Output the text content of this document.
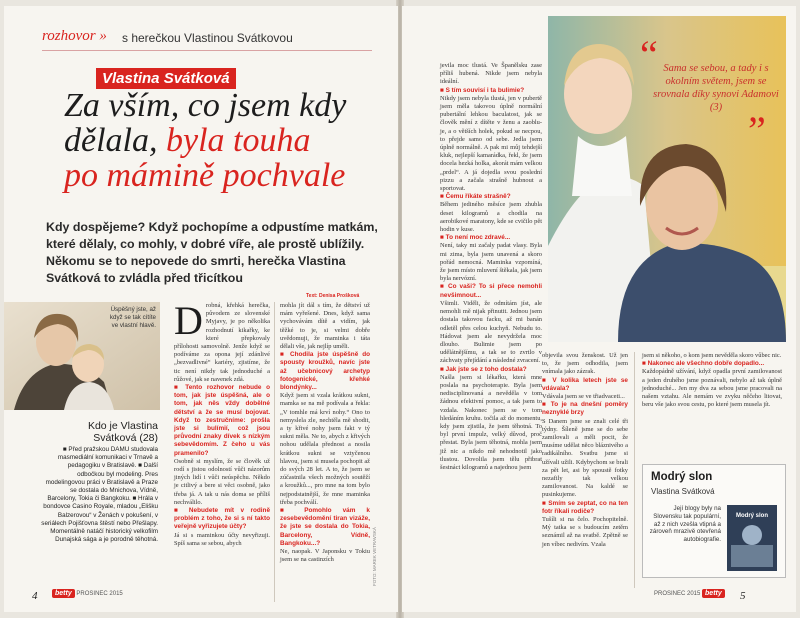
rozhovor » s herečkou Vlastinou Svátkovou
Vlastina Svátková
Za vším, co jsem kdy
dělala, byla touha
po mámině pochvale
Kdy dospějeme? Když pochopíme a odpustíme matkám, které dělaly, co mohly, v dobré víře, ale prostě ublížily. Někomu se to nepovede do smrti, herečka Vlastina Svátková to zvládla před třicítkou
Text: Denisa Prošková
Úspěšný jste, až když se tak cítíte ve vlastní hlavě.
Kdo je Vlastina
Svátková (28)
■ Před pražskou DAMU studovala masmediální komunikaci v Trnavě a pedagogiku v Bratislavě. ■ Další odbočkou byl modeling. Pres modelingovou práci v Bratislavě a Praze se dostala do Mnichova, Vídně, Barcelony, Tokia či Bangkoku. ■ Hrála v bondovce Casino Royale, mladou „Elišku Balzerovou“ v Ženách v pokušení, v seriálech Pojišťovna štěstí nebo Přešlapy. Momentálně natáčí historický velkofilm Dunajská sága a je porodně těhotná.
D robná, křehká herečka, původem ze slovenské Myjavy, je po několika rozhodnutí kikařky, ke které přepkovaly přílohosti samovolně. Jenže když se podíváme za opona její zdánlivé „bezvadlivné“ kariéry, zjistíme, že tic není nikdy tak jednoduché a růžové, jak se navenek zdá.
■ Tento rozhovor nebude o tom, jak jste úspěšná, ale o tom, jak něs vždy dobělné dětství a že se musí bojovat. Když to zestručníme: prošla jste si bulímií, což jsou průvodní znaky dívek s nízkým sebevědomím. Z čeho u vás pramenilo?
Osobně si myslím, že se člověk už rodí s jistou odolností vůči názorům jiných lidí i vůči neúspěchu. Někdo je citlivý a bere si věci osobně, jako třeba já. A tak u nás doma se příliš nechválilo.
■ Nebudete mít v rodině problém z toho, že si s ní takto veřejně vyřizujete účty?
Já si s maminkou účty nevyřizuji. Spíš sama se sebou, abych
mohla jít dál s tím, že dětství už mám vyřešené. Dnes, když sama vychovávám dítě a vidím, jak těžké to je, si velmi dobře uvědomuji, že maminka i táta dělali vše, jak nejlíp uměli.
■ Chodila jste úspěšně do spousty kroužků, navíc jste až učebnicový archetyp fotogenické, křehké blondýnky...
Když jsem si vzala krátkou sukni, mamka se na mě podívala a řekla: „V tomhle má krví nohy.“ Ono to nemyslela zle, nechtěla mě shodit, a ty křivé nohy jsem fakt v tý sukni měla. Ne to, abych z křivých nohou udělala přednost a nosila krátkou sukni se vztyčenou hlavou, jsem si musela pochopit až do svých 28 let. A to, že jsem se zúčastnila všech možných soutěží a kroužků..., pro mne na tom bylo nejpodstatnější, že mne maminka třeba pochválí.
■ Pomohlo vám k zesebevědomění tiran vizáže, že jste se dostala do Tokia, Barcelony, Vídně, Bangkoku...?
Ne, naopak. V Japonsku v Tokiu jsem se na castinzích	FOTO: MAREK VETRAVSKÁ
4	betty PROSINEC 2015
jevila moc tlustá. Ve Španělsku zase příliš hubená. Nikde jsem nebyla ideální.
■ S tím souvisí i ta bulimie?
Nikdy jsem nebyla tlustá, jen v pubertě jsem měla takovou úplně normální pubertální lehkou baculatost, jak se člověk mění z dítěte v ženu a zaoblu- je, a o větších holek, pokud se necpou, to přejde samo od sebe. Jedla jsem úplně normálně. A pak mi můj tehdejší kluk, nejlepší kamarádka, řekl, že jsem docela hezká holka, akorát mám velkou „prdel“. A já dojedla svou poslední pizzu a začala strašně hubnout a sportovat.
■ Čemu říkáte strašně?
Během jediného měsíce jsem zhubla deset kilogramů a chodila na aerobikové maratony, kde se cvičilo pět hodin v kuse.
■ To není moc zdravé...
Není, taky mi začaly padat vlasy. Byla mi zima, byla jsem unavená a skoro pořád nemocná. Maminka vzpomíná, že jsem místo mluvení štěkala, jak jsem byla nervózní.
■ Co vaši? To si přece nemohli nevšimnout...
Všimli. Viděli, že odmítám jíst, ale nemohli mě nijak přinutit. Jednou jsem dostala takovou facku, až mi banán odletěl přes celou kuchyň. Nebudu to. Hádovat jsem ale nevydržela moc dlouho. Bulimie jsem po udělátnějšímu, a tak se to zvrtlo v záchvaty přejídání a následné zvracení.
■ Jak jste se z toho dostala?
Našla jsem si lékařku, která mne poslala na psychoterapie. Byla jsem nedisciplinovaná a nevěděla v tom žádnou efektivní pomoc, a tak jsem to vzdala. Nakonec jsem se v tom hledáním kruhu. točila až do momentu, kdy jsem zjistila, že jsem těhotná. To byl první impulz, velký důvod, proč přestat. Byla jsem těhotná, mohla jsem již nic a nikdo mě nehodnotil jako tlustou. Dovolila jsem tělu přibrat šestnáct kilogramů a najednou jsem
“ Sama se sebou, a tady i s okolním světem, jsem se srovnala díky synovi Adamovi (3)
”
objevila svou ženskost. Už jen to, že jsem odhodila, jsem vnímala jako zázrak.
■ V kolika letech jste se vdávala?
Vdávala jsem se ve třiadvaceti...
■ To je na dnešní poměry neznyklé brzy
S Danem jsme se znali celé tři týdny. Šíleně jsme se do sebe zamilovali a měli pocit, že musíme udělat něco bláznivého a radikálního. Svatbu jsme si užívali užili. Kdybychom se brali za pět let, asi by spoustě fotky nezafily tak velkou zamilovanost. Na kaldé se pusinkujeme.
■ Smím se zeptat, co na ten fotr říkali rodiče?
Tušíli si na čelo. Pochopitelně. Mý tatka se s budoucím zetěm seznámil až na svatbě. Zpětně se jen víbec nedivím. Vzala
jsem si někoho, o kom jsem nevěděla skoro vůbec nic.
■ Nakonec ale všechno dobře dopadlo...
Každopádně užívání, když opadla první zamilovanost a jeden druhého jsme poznávali, nebylo až tak úplně jednoduché... Jen my dva za sebou jsme pracovali na našem vztahu. Ale nemám ve zvyku něčeho litovat, beru vše jako svou cestu, po které jsem musela jít.
Modrý slon
Vlastina Svátková
Její blogy byly na Slovensku tak populární, až z nich vzešla vtipná a zároveň mrazivě otevřená autobiografie.
Modrý slon
PROSINEC 2015 betty 5
